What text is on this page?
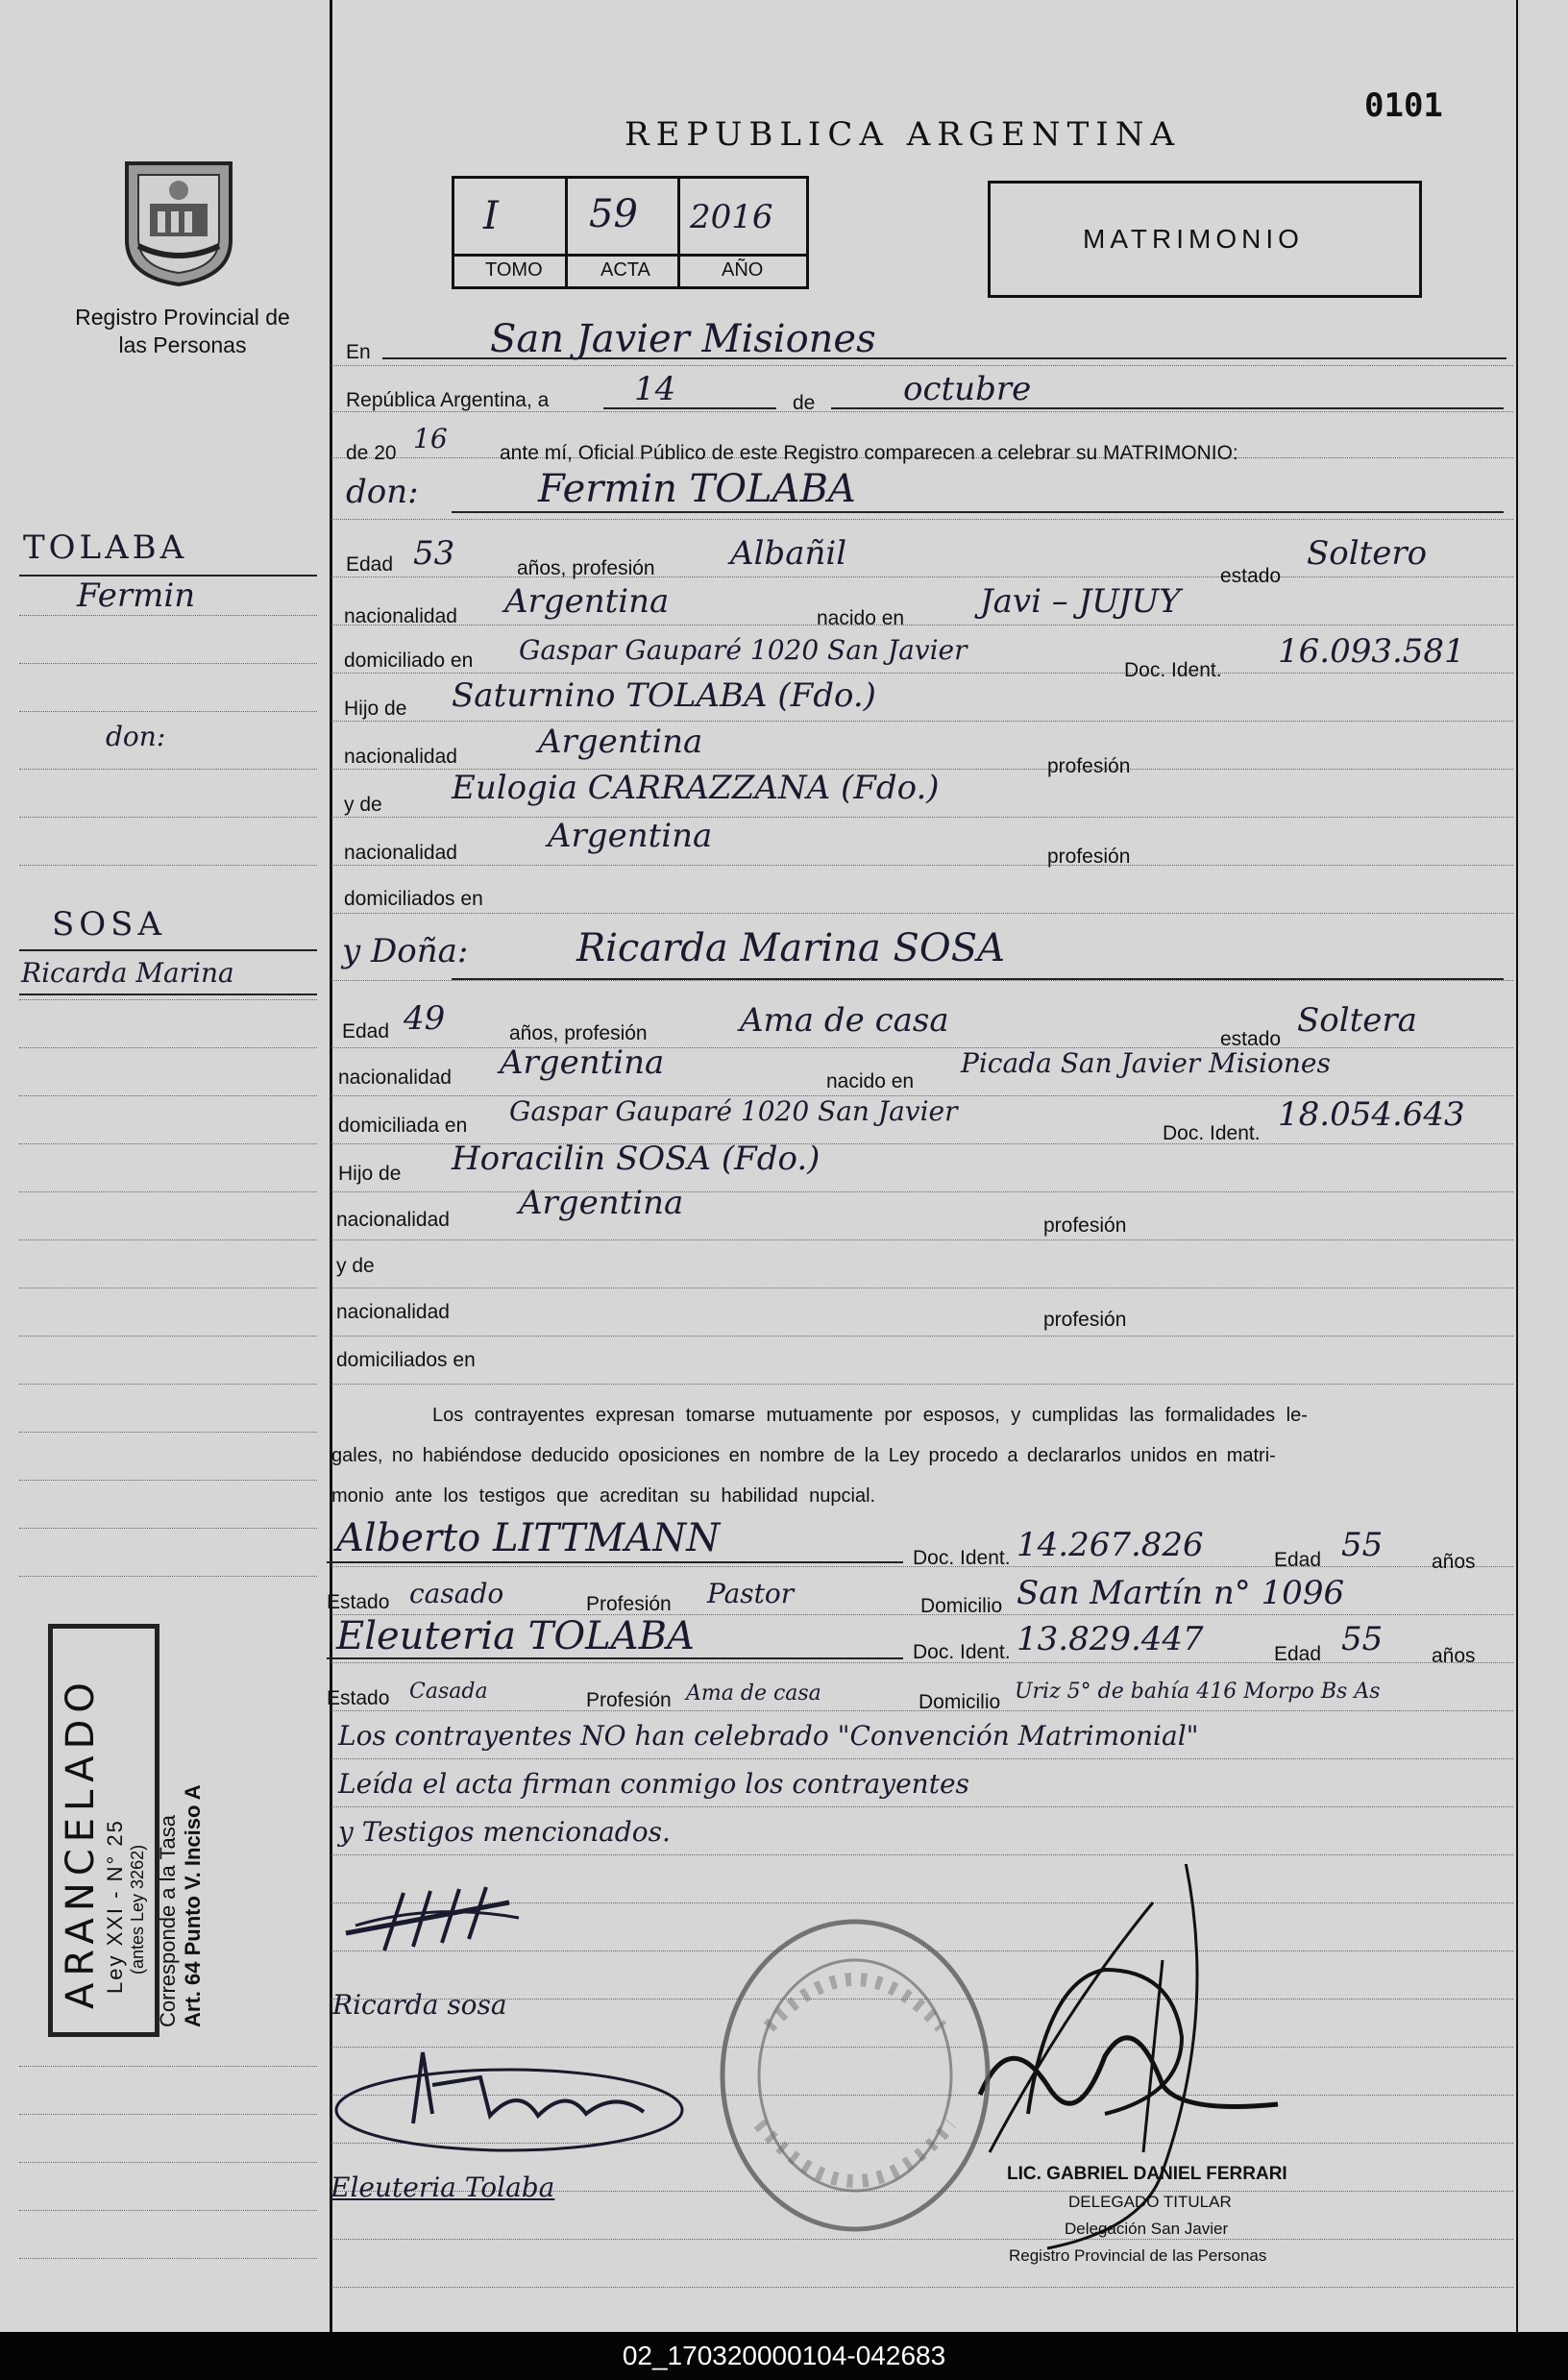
REPUBLICA ARGENTINA
0101
Registro Provincial de las Personas
I 59 2016
TOMO	ACTA	AÑO
MATRIMONIO
En	San Javier Misiones
República Argentina, a	14	de	octubre
de 20 16	ante mí, Oficial Público de este Registro comparecen a celebrar su MATRIMONIO:
TOLABA
Fermin
don:
don:	Fermin TOLABA
Edad 53	años, profesión Albañil
estado
Soltero
nacionalidad Argentina	nacido en Javi – JUJUY
domiciliado en Gaspar Gauparé 1020 San Javier
Doc. Ident. 16.093.581
Hijo de Saturnino TOLABA (Fdo.)
nacionalidad Argentina
profesión
y de Eulogia CARRAZZANA (Fdo.)
nacionalidad	Argentina
profesión
domiciliados en
SOSA
Ricarda Marina
y Doña:	Ricarda Marina SOSA
Edad 49	años, profesión	Ama de casa	estado Soltera
nacionalidad Argentina	nacido en
Picada San Javier Misiones
domiciliada en Gaspar Gauparé 1020 San Javier
Doc. Ident. 18.054.643
Hijo de Horacilin SOSA (Fdo.)
nacionalidad Argentina
profesión
y de
nacionalidad	profesión
domiciliados en
Los contrayentes expresan tomarse mutuamente por esposos, y cumplidas las formalidades le-
gales, no habiéndose deducido oposiciones en nombre de la Ley procedo a declararlos unidos en matri-
monio ante los testigos que acreditan su habilidad nupcial.
Alberto LITTMANN	Doc. Ident. 14.267.826	Edad 55 años
Estado casado	Profesión Pastor	Domicilio San Martín n° 1096
Eleuteria TOLABA	Doc. Ident. 13.829.447	Edad 55 años
Estado Casada	Profesión Ama de casa	Domicilio Uriz 5° de bahía 416 Morpo Bs As
Los contrayentes NO han celebrado "Convención Matrimonial"
Leída el acta firman conmigo los contrayentes
y Testigos mencionados.
ARANCELADO Ley XXI - N° 25 (antes Ley 3262) Corresponde a la Tasa Art. 64 Punto V. Inciso A	Ricarda sosa
Eleuteria Tolaba	LIC. GABRIEL DANIEL FERRARI
DELEGADO TITULAR
Delegación San Javier
Registro Provincial de las Personas
02_170320000104-042683
